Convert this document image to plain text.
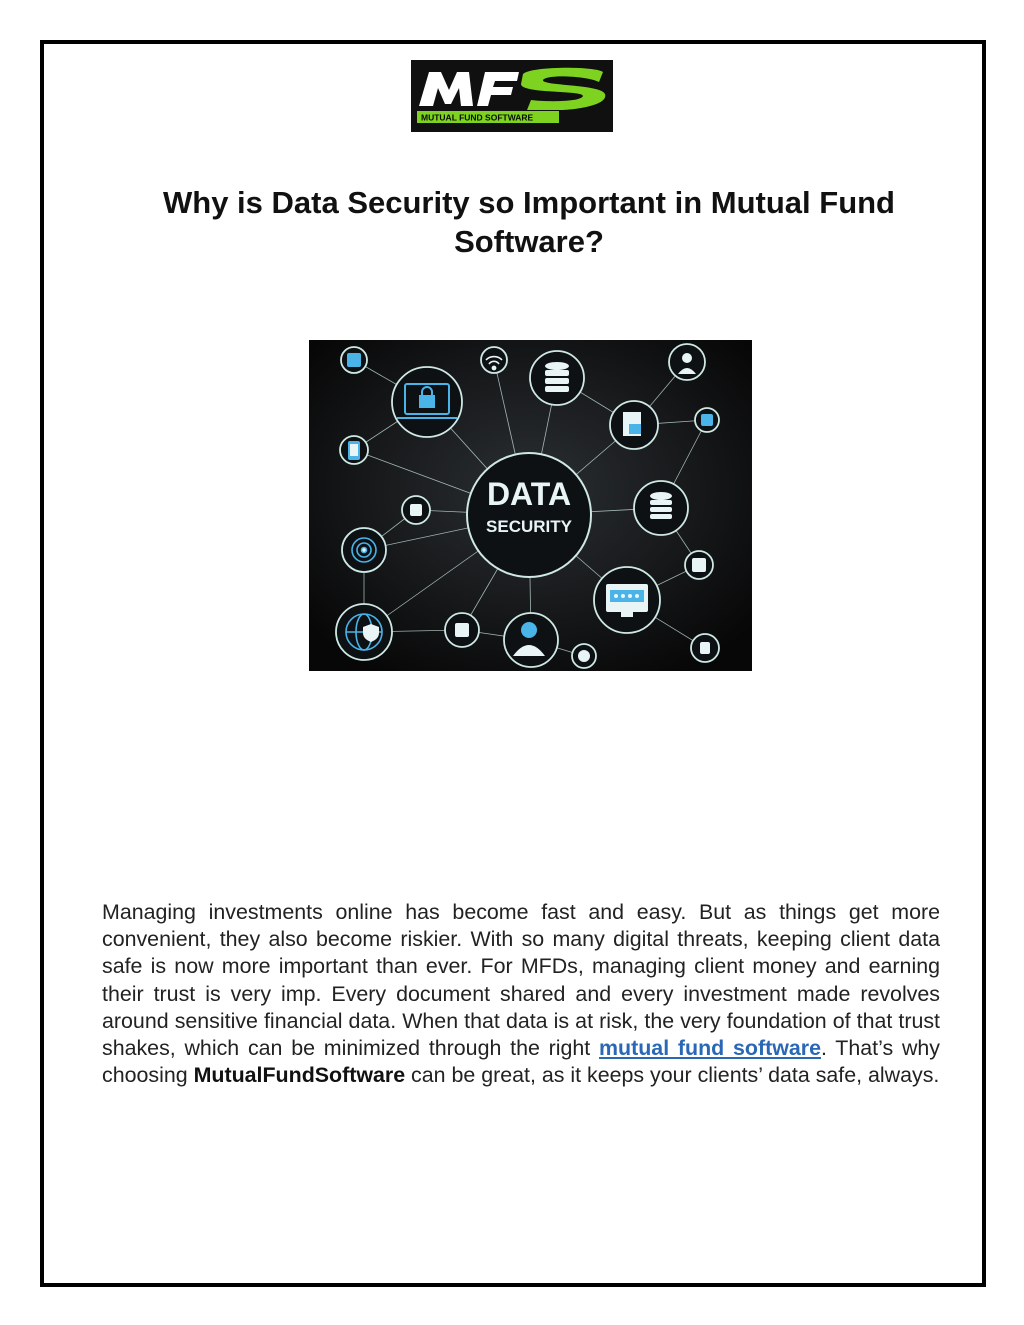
MUTUAL FUND SOFTWARE
Why is Data Security so Important in Mutual Fund Software?
DATA
SECURITY

Managing investments online has become fast and easy. But as things get more convenient, they also become riskier. With so many digital threats, keeping client data safe is now more important than ever. For MFDs, managing client money and earning their trust is very imp. Every document shared and every investment made revolves around sensitive financial data. When that data is at risk, the very foundation of that trust shakes, which can be minimized through the right mutual fund software. That’s why choosing MutualFundSoftware can be great, as it keeps your clients’ data safe, always.
